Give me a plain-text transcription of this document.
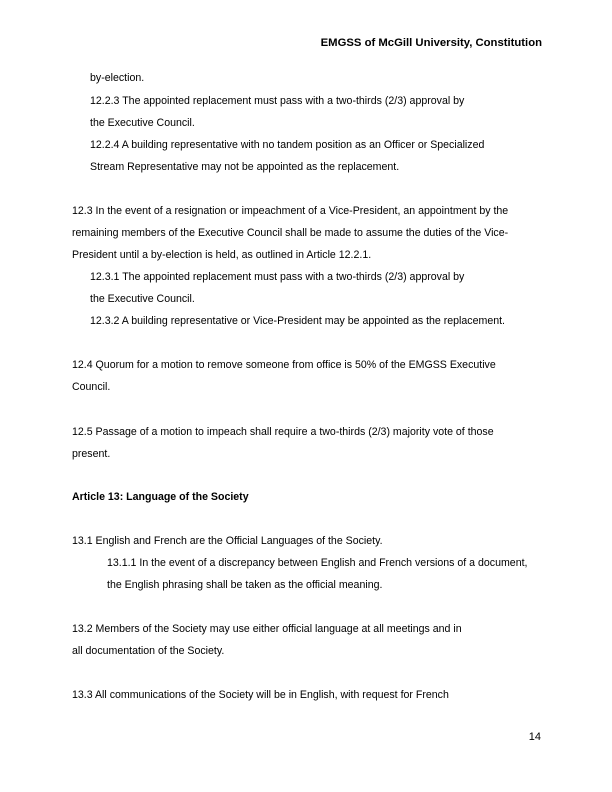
EMGSS of McGill University, Constitution
by-election.
12.2.3 The appointed replacement must pass with a two-thirds (2/3) approval by
the Executive Council.
12.2.4 A building representative with no tandem position as an Officer or Specialized
Stream Representative may not be appointed as the replacement.
12.3 In the event of a resignation or impeachment of a Vice-President, an appointment by the
remaining members of the Executive Council shall be made to assume the duties of the Vice-
President until a by-election is held, as outlined in Article 12.2.1.
12.3.1 The appointed replacement must pass with a two-thirds (2/3) approval by
the Executive Council.
12.3.2 A building representative or Vice-President may be appointed as the replacement.
12.4 Quorum for a motion to remove someone from office is 50% of the EMGSS Executive
Council.
12.5 Passage of a motion to impeach shall require a two-thirds (2/3) majority vote of those
present.
Article 13: Language of the Society
13.1 English and French are the Official Languages of the Society.
13.1.1 In the event of a discrepancy between English and French versions of a document,
the English phrasing shall be taken as the official meaning.
13.2 Members of the Society may use either official language at all meetings and in
all documentation of the Society.
13.3 All communications of the Society will be in English, with request for French
14
